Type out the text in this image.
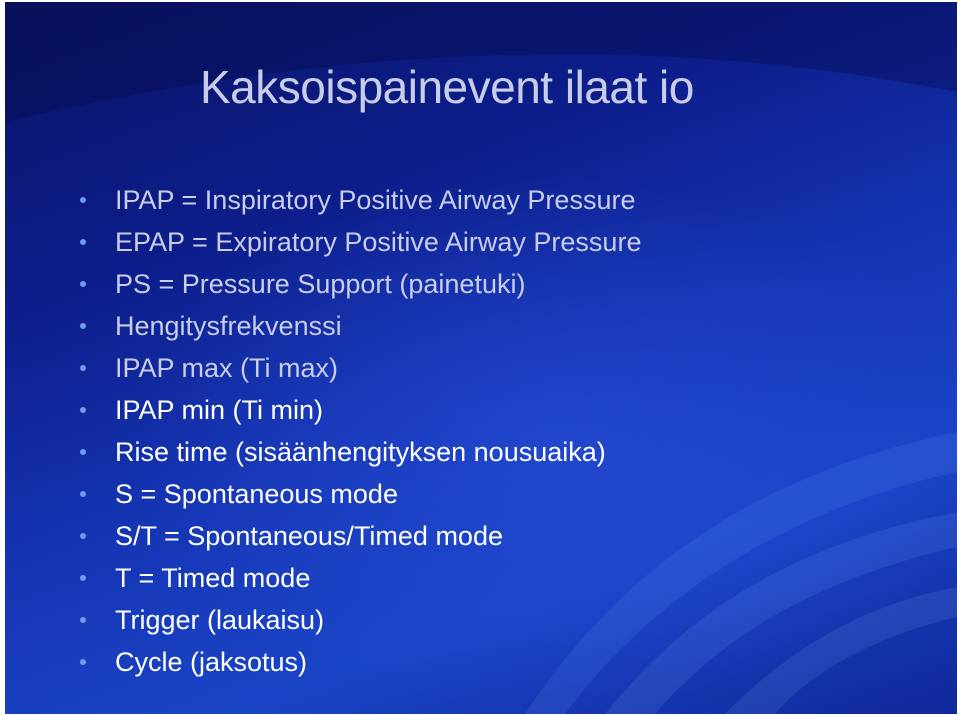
Kaksoispainevent ilaat io
IPAP = Inspiratory Positive Airway Pressure
EPAP = Expiratory Positive Airway Pressure
PS = Pressure Support (painetuki)
Hengitysfrekvenssi
IPAP max (Ti max)
IPAP min (Ti min)
Rise time (sisäänhengityksen nousuaika)
S = Spontaneous mode
S/T = Spontaneous/Timed mode
T = Timed mode
Trigger (laukaisu)
Cycle (jaksotus)
